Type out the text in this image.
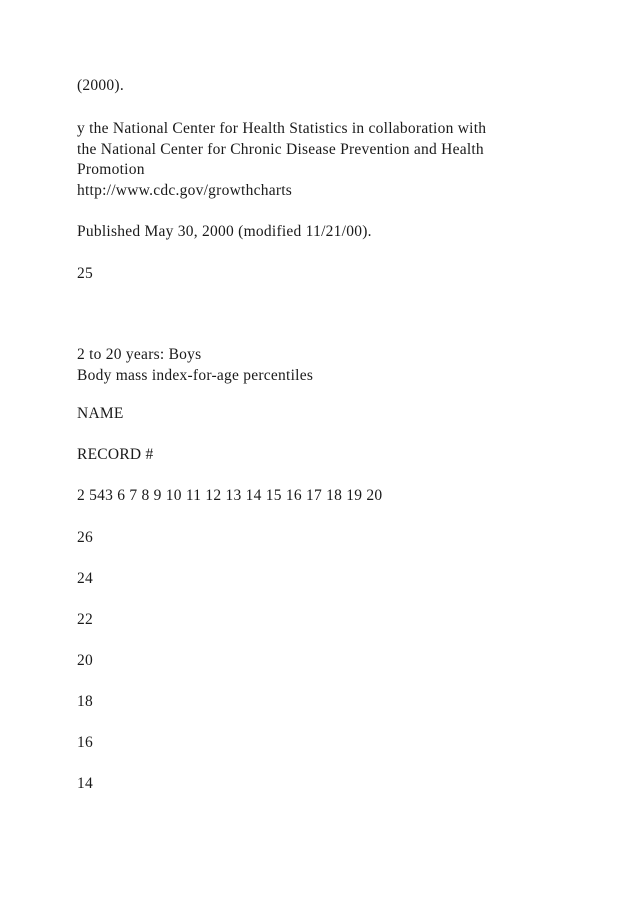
(2000).

y the National Center for Health Statistics in collaboration with

the National Center for Chronic Disease Prevention and Health

Promotion

http://www.cdc.gov/growthcharts

Published May 30, 2000 (modified 11/21/00).

25

2 to 20 years: Boys

Body mass index-for-age percentiles

NAME

RECORD #

2 543 6 7 8 9 10 11 12 13 14 15 16 17 18 19 20

26

24

22

20

18

16

14
